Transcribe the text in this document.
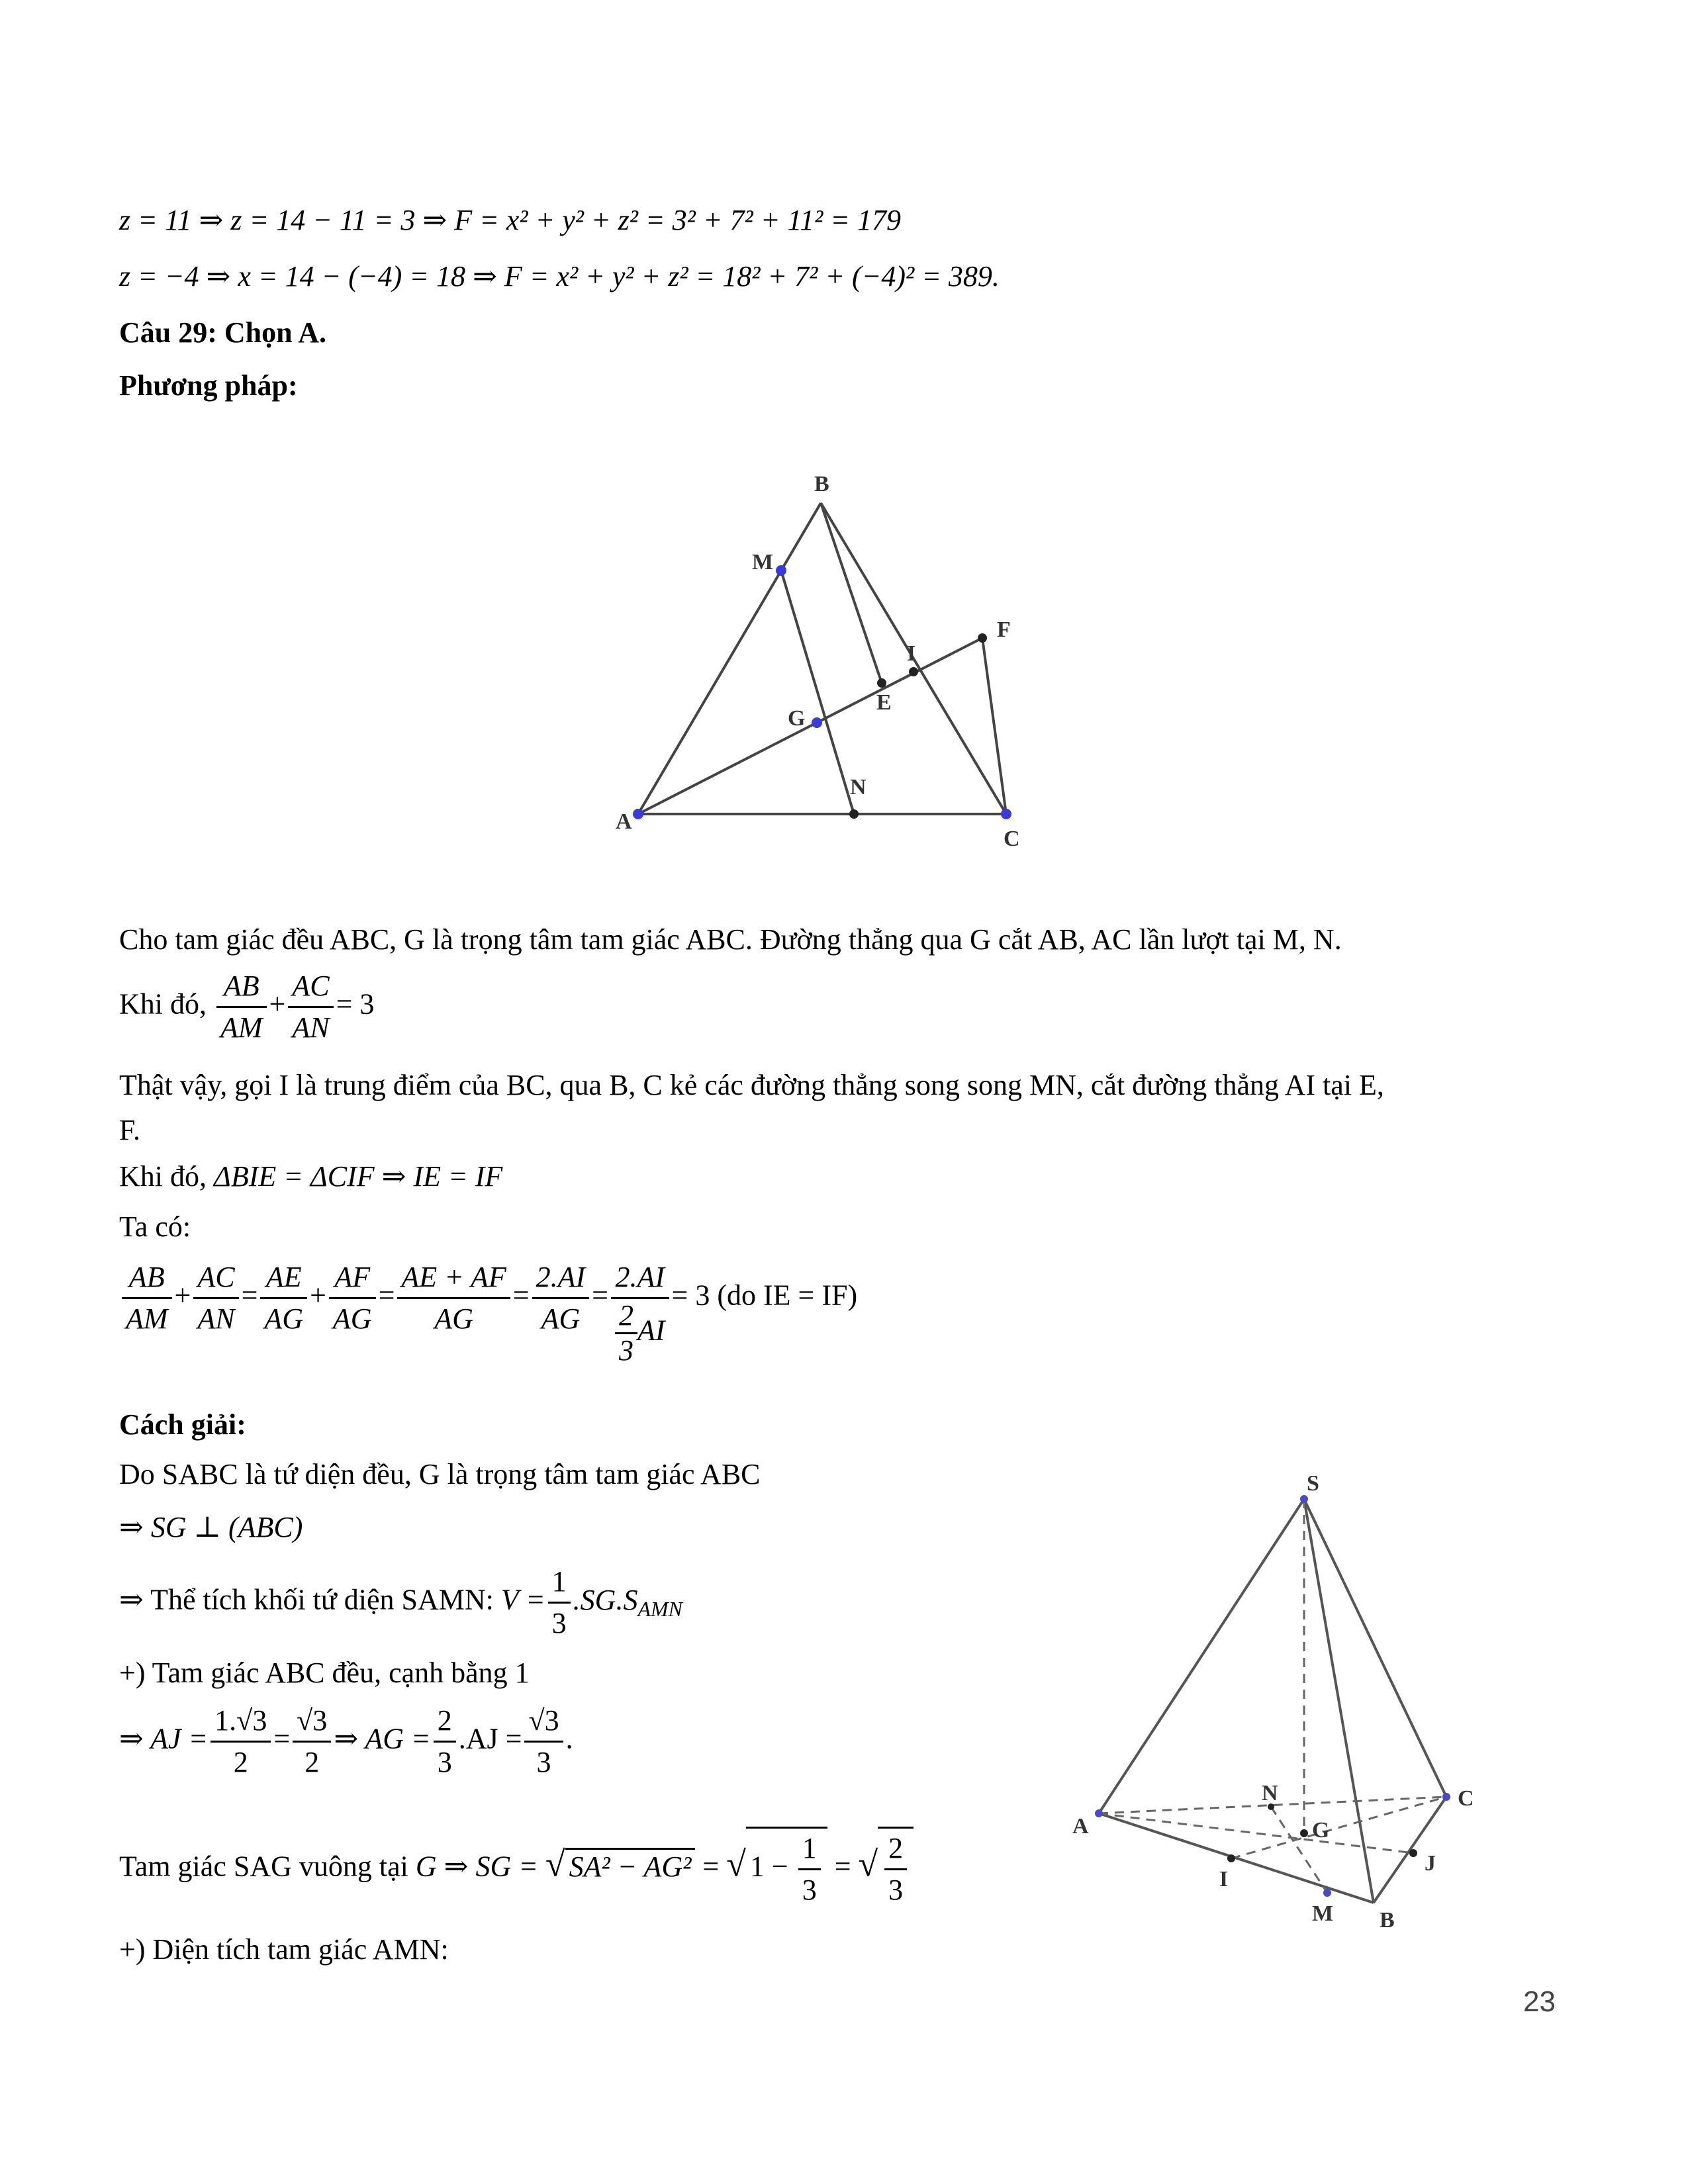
z = 11 ⇒ z = 14 − 11 = 3 ⇒ F = x² + y² + z² = 3² + 7² + 11² = 179
z = −4 ⇒ x = 14 − (−4) = 18 ⇒ F = x² + y² + z² = 18² + 7² + (−4)² = 389.
Câu 29: Chọn A.
Phương pháp:
B
M
I
F
E
G
N
A
C
Cho tam giác đều ABC, G là trọng tâm tam giác ABC. Đường thẳng qua G cắt AB, AC lần lượt tại M, N.
Khi đó, $\frac{AB}{AM} + \frac{AC}{AN} = 3$
Thật vậy, gọi I là trung điểm của BC, qua B, C kẻ các đường thẳng song song MN, cắt đường thẳng AI tại E,
F.
Khi đó, ΔBIE = ΔCIF ⇒ IE = IF
Ta có:
$\frac{AB}{AM} + \frac{AC}{AN} = \frac{AE}{AG} + \frac{AF}{AG} = \frac{AE + AF}{AG} = \frac{2.AI}{AG} = \frac{2.AI}{\frac{2}{3} AI} = 3$ (do IE = IF)
Cách giải:
Do SABC là tứ diện đều, G là trọng tâm tam giác ABC
⇒ SG ⊥ (ABC)
⇒ Thể tích khối tứ diện SAMN: $V = \frac{1}{3} .SG.S_{AMN}$
+) Tam giác ABC đều, cạnh bằng 1
⇒ AJ = $\frac{1.√3}{2} = \frac{√3}{2}$ ⇒ AG = $\frac{2}{3} .AJ = \frac{√3}{3}$ .
Tam giác SAG vuông tại G ⇒ SG = √ SA² − AG² = √ $1 - \frac{1}{3}$ = √ $\frac{2}{3}$
+) Diện tích tam giác AMN:
S
A
C
N
G
I
J
M B
23
